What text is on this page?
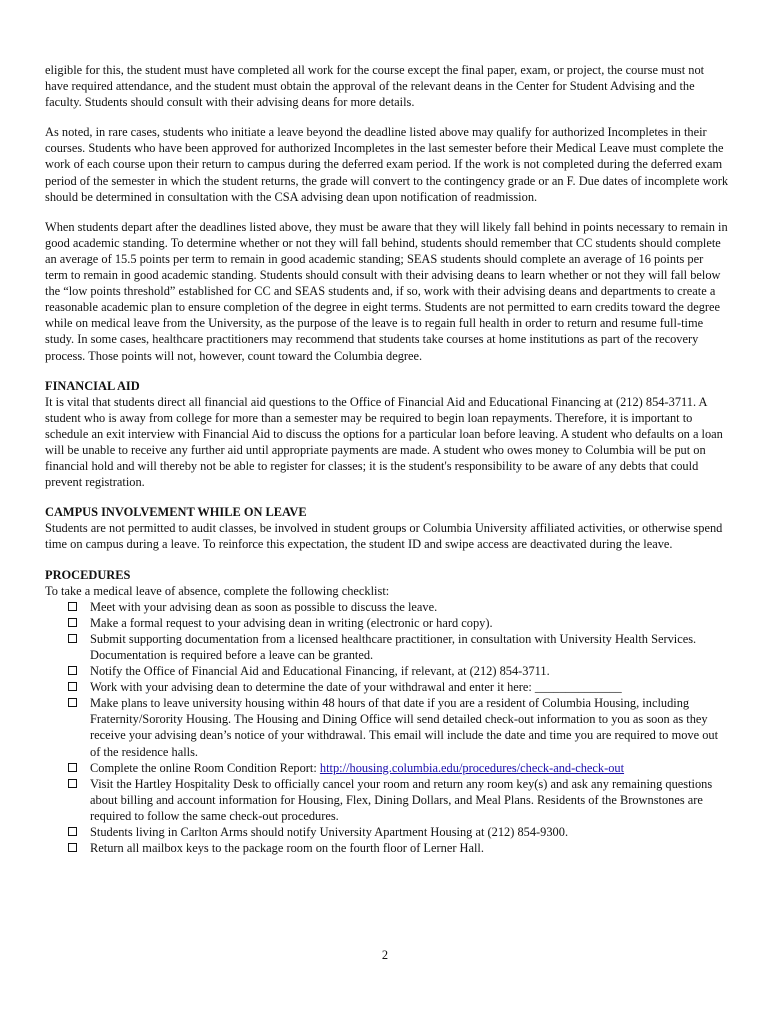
eligible for this, the student must have completed all work for the course except the final paper, exam, or project, the course must not have required attendance, and the student must obtain the approval of the relevant deans in the Center for Student Advising and the faculty. Students should consult with their advising deans for more details.

As noted, in rare cases, students who initiate a leave beyond the deadline listed above may qualify for authorized Incompletes in their courses. Students who have been approved for authorized Incompletes in the last semester before their Medical Leave must complete the work of each course upon their return to campus during the deferred exam period. If the work is not completed during the deferred exam period of the semester in which the student returns, the grade will convert to the contingency grade or an F. Due dates of incomplete work should be determined in consultation with the CSA advising dean upon notification of readmission.

When students depart after the deadlines listed above, they must be aware that they will likely fall behind in points necessary to remain in good academic standing. To determine whether or not they will fall behind, students should remember that CC students should complete an average of 15.5 points per term to remain in good academic standing; SEAS students should complete an average of 16 points per term to remain in good academic standing. Students should consult with their advising deans to learn whether or not they will fall below the “low points threshold” established for CC and SEAS students and, if so, work with their advising deans and departments to create a reasonable academic plan to ensure completion of the degree in eight terms. Students are not permitted to earn credits toward the degree while on medical leave from the University, as the purpose of the leave is to regain full health in order to return and resume full-time study. In some cases, healthcare practitioners may recommend that students take courses at home institutions as part of the recovery process. Those points will not, however, count toward the Columbia degree.

FINANCIAL AID

It is vital that students direct all financial aid questions to the Office of Financial Aid and Educational Financing at (212) 854-3711. A student who is away from college for more than a semester may be required to begin loan repayments. Therefore, it is important to schedule an exit interview with Financial Aid to discuss the options for a particular loan before leaving. A student who defaults on a loan will be unable to receive any further aid until appropriate payments are made. A student who owes money to Columbia will be put on financial hold and will thereby not be able to register for classes; it is the student's responsibility to be aware of any debts that could prevent registration.

CAMPUS INVOLVEMENT WHILE ON LEAVE

Students are not permitted to audit classes, be involved in student groups or Columbia University affiliated activities, or otherwise spend time on campus during a leave. To reinforce this expectation, the student ID and swipe access are deactivated during the leave.

PROCEDURES

To take a medical leave of absence, complete the following checklist:

Meet with your advising dean as soon as possible to discuss the leave.
Make a formal request to your advising dean in writing (electronic or hard copy).
Submit supporting documentation from a licensed healthcare practitioner, in consultation with University Health Services. Documentation is required before a leave can be granted.
Notify the Office of Financial Aid and Educational Financing, if relevant, at (212) 854-3711.
Work with your advising dean to determine the date of your withdrawal and enter it here: ______________
Make plans to leave university housing within 48 hours of that date if you are a resident of Columbia Housing, including Fraternity/Sorority Housing. The Housing and Dining Office will send detailed check-out information to you as soon as they receive your advising dean’s notice of your withdrawal. This email will include the date and time you are required to move out of the residence halls.
Complete the online Room Condition Report: http://housing.columbia.edu/procedures/check-and-check-out
Visit the Hartley Hospitality Desk to officially cancel your room and return any room key(s) and ask any remaining questions about billing and account information for Housing, Flex, Dining Dollars, and Meal Plans. Residents of the Brownstones are required to follow the same check-out procedures.
Students living in Carlton Arms should notify University Apartment Housing at (212) 854-9300.
Return all mailbox keys to the package room on the fourth floor of Lerner Hall.
2
